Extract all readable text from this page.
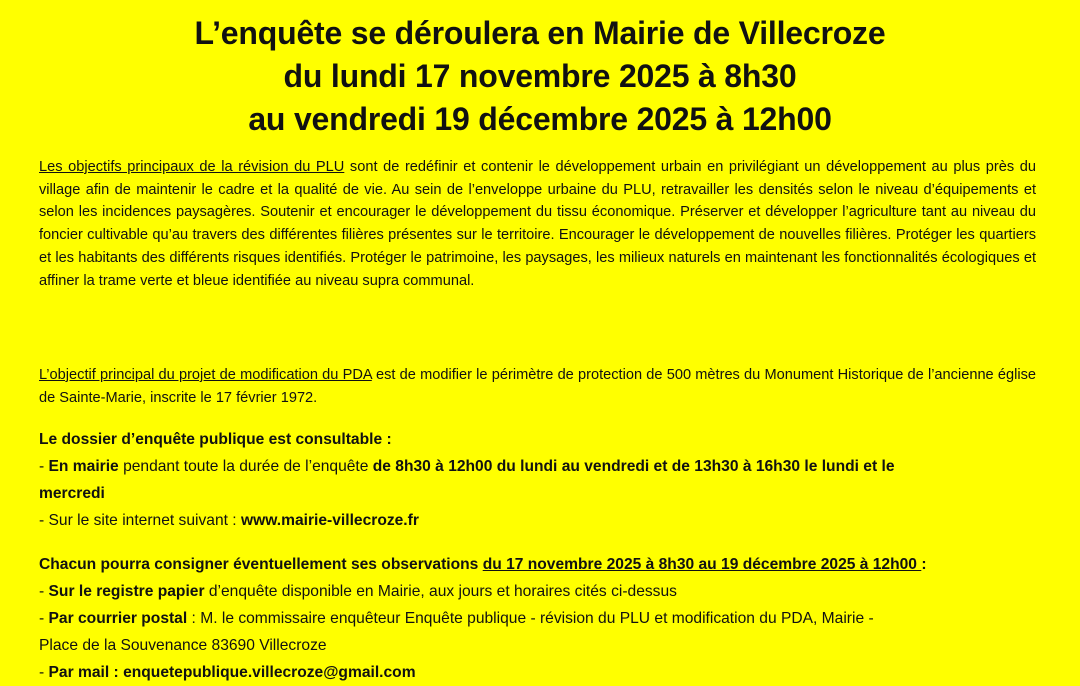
L’enquête se déroulera en Mairie de Villecroze
du lundi 17 novembre 2025 à 8h30
au vendredi 19 décembre 2025 à 12h00
Les objectifs principaux de la révision du PLU sont de redéfinir et contenir le développement urbain en privilégiant un développement au plus près du village afin de maintenir le cadre et la qualité de vie. Au sein de l’enveloppe urbaine du PLU, retravailler les densités selon le niveau d’équipements et selon les incidences paysagères. Soutenir et encourager le développement du tissu économique. Préserver et développer l’agriculture tant au niveau du foncier cultivable qu’au travers des différentes filières présentes sur le territoire. Encourager le développement de nouvelles filières. Protéger les quartiers et les habitants des différents risques identifiés. Protéger le patrimoine, les paysages, les milieux naturels en maintenant les fonctionnalités écologiques et affiner la trame verte et bleue identifiée au niveau supra communal.
L’objectif principal du projet de modification du PDA est de modifier le périmètre de protection de 500 mètres du Monument Historique de l’ancienne église de Sainte-Marie, inscrite le 17 février 1972.
Le dossier d’enquête publique est consultable :
- En mairie pendant toute la durée de l’enquête de 8h30 à 12h00 du lundi au vendredi et de 13h30 à 16h30 le lundi et le
mercredi
- Sur le site internet suivant : www.mairie-villecroze.fr
Chacun pourra consigner éventuellement ses observations du 17 novembre 2025 à 8h30 au 19 décembre 2025 à 12h00 :
- Sur le registre papier d’enquête disponible en Mairie, aux jours et horaires cités ci-dessus
- Par courrier postal : M. le commissaire enquêteur Enquête publique - révision du PLU et modification du PDA, Mairie -
Place de la Souvenance 83690 Villecroze
- Par mail : enquetepublique.villecroze@gmail.com
